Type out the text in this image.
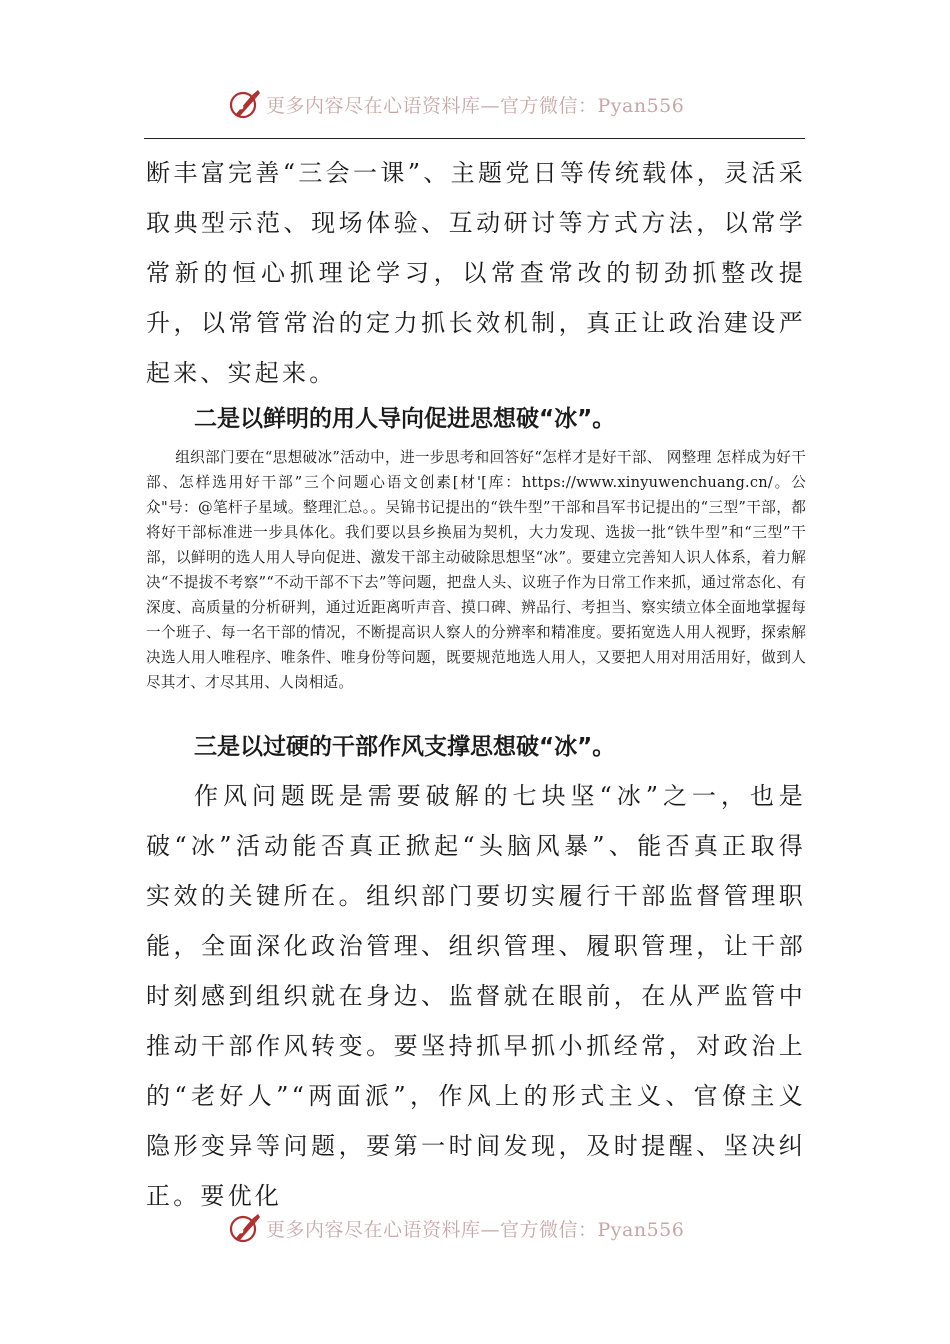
更多内容尽在心语资料库—官方微信：Pyan556

断丰富完善“三会一课”、主题党日等传统载体，灵活采取典型示范、现场体验、互动研讨等方式方法，以常学常新的恒心抓理论学习，以常查常改的韧劲抓整改提升，以常管常治的定力抓长效机制，真正让政治建设严起来、实起来。

二是以鲜明的用人导向促进思想破“冰”。

组织部门要在“思想破冰”活动中，进一步思考和回答好“怎样才是好干部、 网整理 怎样成为好干部、怎样选用好干部”三个问题心语文创素[材'[库：https://www.xinyuwenchuang.cn/。公众"号：@笔杆子星域。整理汇总。。吴锦书记提出的“铁牛型”干部和昌军书记提出的“三型”干部，都将好干部标准进一步具体化。我们要以县乡换届为契机，大力发现、选拔一批“铁牛型”和“三型”干部，以鲜明的选人用人导向促进、激发干部主动破除思想坚“冰”。要建立完善知人识人体系，着力解决“不提拔不考察”“不动干部不下去”等问题，把盘人头、议班子作为日常工作来抓，通过常态化、有深度、高质量的分析研判，通过近距离听声音、摸口碑、辨品行、考担当、察实绩立体全面地掌握每一个班子、每一名干部的情况，不断提高识人察人的分辨率和精准度。要拓宽选人用人视野，探索解决选人用人唯程序、唯条件、唯身份等问题，既要规范地选人用人，又要把人用对用活用好，做到人尽其才、才尽其用、人岗相适。

三是以过硬的干部作风支撑思想破“冰”。

作风问题既是需要破解的七块坚“冰”之一，也是破“冰”活动能否真正掀起“头脑风暴”、能否真正取得实效的关键所在。组织部门要切实履行干部监督管理职能，全面深化政治管理、组织管理、履职管理，让干部时刻感到组织就在身边、监督就在眼前，在从严监管中推动干部作风转变。要坚持抓早抓小抓经常，对政治上的“老好人”“两面派”，作风上的形式主义、官僚主义隐形变异等问题，要第一时间发现，及时提醒、坚决纠正。要优化

更多内容尽在心语资料库—官方微信：Pyan556
